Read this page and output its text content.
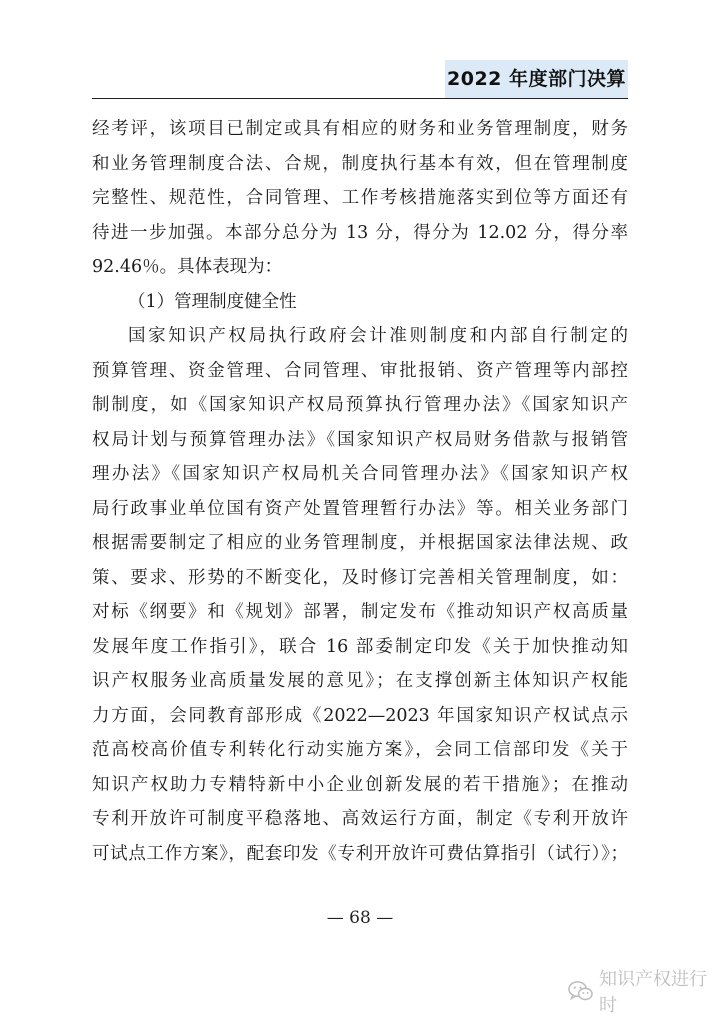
2022 年度部门决算
经考评，该项目已制定或具有相应的财务和业务管理制度，财务
和业务管理制度合法、合规，制度执行基本有效，但在管理制度
完整性、规范性，合同管理、工作考核措施落实到位等方面还有
待进一步加强。本部分总分为 13 分，得分为 12.02 分，得分率
92.46％。具体表现为：
（1）管理制度健全性
国家知识产权局执行政府会计准则制度和内部自行制定的
预算管理、资金管理、合同管理、审批报销、资产管理等内部控
制制度，如《国家知识产权局预算执行管理办法》《国家知识产
权局计划与预算管理办法》《国家知识产权局财务借款与报销管
理办法》《国家知识产权局机关合同管理办法》《国家知识产权
局行政事业单位国有资产处置管理暂行办法》等。相关业务部门
根据需要制定了相应的业务管理制度，并根据国家法律法规、政
策、要求、形势的不断变化，及时修订完善相关管理制度，如：
对标《纲要》和《规划》部署，制定发布《推动知识产权高质量
发展年度工作指引》，联合 16 部委制定印发《关于加快推动知
识产权服务业高质量发展的意见》；在支撑创新主体知识产权能
力方面，会同教育部形成《2022—2023 年国家知识产权试点示
范高校高价值专利转化行动实施方案》，会同工信部印发《关于
知识产权助力专精特新中小企业创新发展的若干措施》；在推动
专利开放许可制度平稳落地、高效运行方面，制定《专利开放许
可试点工作方案》，配套印发《专利开放许可费估算指引（试行）》；
— 68 —
知识产权进行时
